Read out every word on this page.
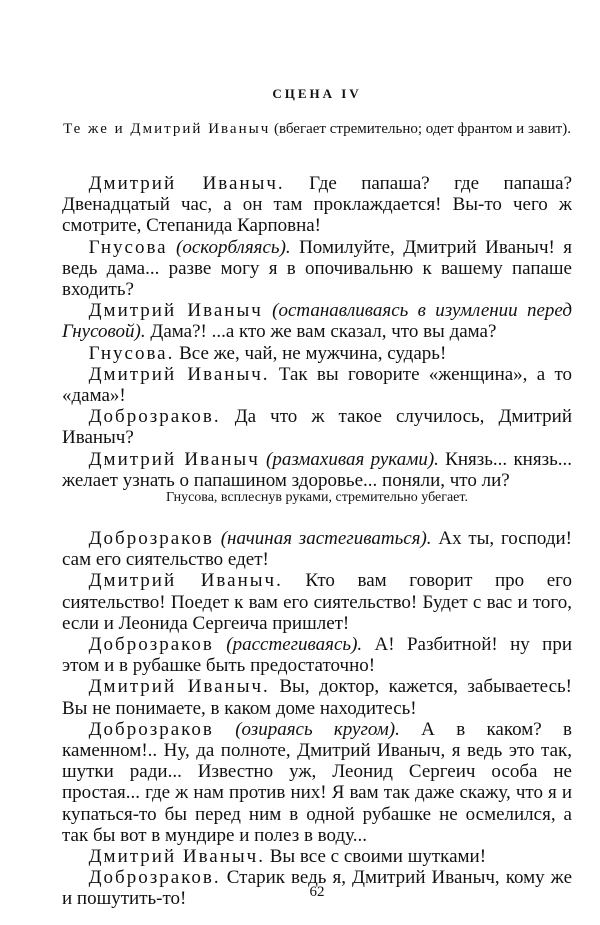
СЦЕНА IV
Те же и Дмитрий Иваныч (вбегает стремительно; одет франтом и завит).

Дмитрий Иваныч. Где папаша? где папаша? Двенадцатый час, а он там проклаждается! Вы-то чего ж смотрите, Степанида Карповна!

Гнусова (оскорбляясь). Помилуйте, Дмитрий Иваныч! я ведь дама... разве могу я в опочивальню к вашему папаше входить?

Дмитрий Иваныч (останавливаясь в изумлении перед Гнусовой). Дама?! ...а кто же вам сказал, что вы дама?

Гнусова. Все же, чай, не мужчина, сударь!

Дмитрий Иваныч. Так вы говорите «женщина», а то «дама»!

Доброзраков. Да что ж такое случилось, Дмитрий Иваныч?

Дмитрий Иваныч (размахивая руками). Князь... князь... желает узнать о папашином здоровье... поняли, что ли?

Гнусова, всплеснув руками, стремительно убегает.

Доброзраков (начиная застегиваться). Ах ты, господи! сам его сиятельство едет!

Дмитрий Иваныч. Кто вам говорит про его сиятельство! Поедет к вам его сиятельство! Будет с вас и того, если и Леонида Сергеича пришлет!

Доброзраков (расстегиваясь). А! Разбитной! ну при этом и в рубашке быть предостаточно!

Дмитрий Иваныч. Вы, доктор, кажется, забываетесь! Вы не понимаете, в каком доме находитесь!

Доброзраков (озираясь кругом). А в каком? в каменном!.. Ну, да полноте, Дмитрий Иваныч, я ведь это так, шутки ради... Известно уж, Леонид Сергеич особа не простая... где ж нам против них! Я вам так даже скажу, что я и купаться-то бы перед ним в одной рубашке не осмелился, а так бы вот в мундире и полез в воду...

Дмитрий Иваныч. Вы все с своими шутками!

Доброзраков. Старик ведь я, Дмитрий Иваныч, кому же и пошутить-то!	62
